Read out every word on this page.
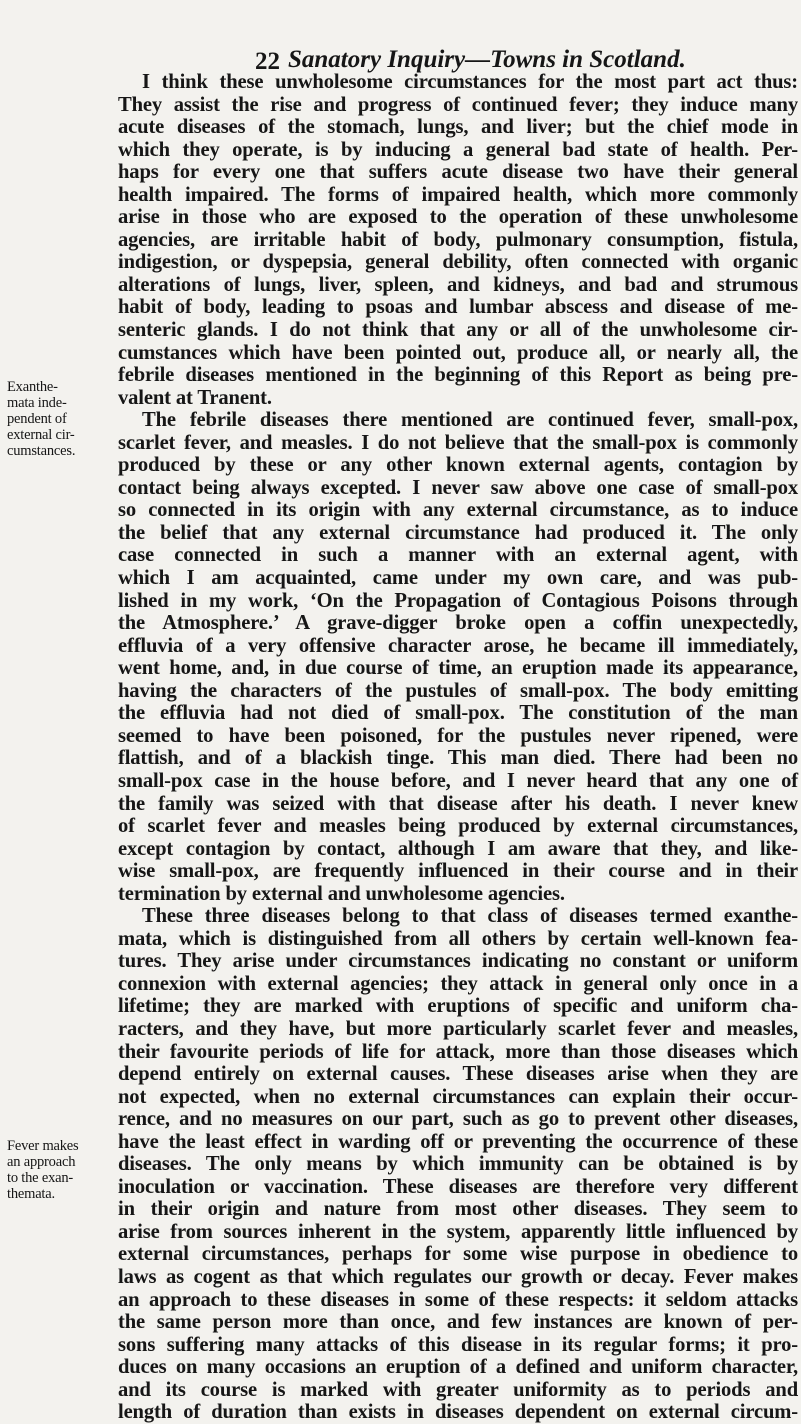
22 Sanatory Inquiry—Towns in Scotland.
Exanthe-
mata inde-
pendent of
external cir-
cumstances.
Fever makes
an approach
to the exan-
themata.
I think these unwholesome circumstances for the most part act thus:
They assist the rise and progress of continued fever; they induce many
acute diseases of the stomach, lungs, and liver; but the chief mode in
which they operate, is by inducing a general bad state of health. Per-
haps for every one that suffers acute disease two have their general
health impaired. The forms of impaired health, which more commonly
arise in those who are exposed to the operation of these unwholesome
agencies, are irritable habit of body, pulmonary consumption, fistula,
indigestion, or dyspepsia, general debility, often connected with organic
alterations of lungs, liver, spleen, and kidneys, and bad and strumous
habit of body, leading to psoas and lumbar abscess and disease of me-
senteric glands. I do not think that any or all of the unwholesome cir-
cumstances which have been pointed out, produce all, or nearly all, the
febrile diseases mentioned in the beginning of this Report as being pre-
valent at Tranent.
The febrile diseases there mentioned are continued fever, small-pox,
scarlet fever, and measles. I do not believe that the small-pox is commonly
produced by these or any other known external agents, contagion by
contact being always excepted. I never saw above one case of small-pox
so connected in its origin with any external circumstance, as to induce
the belief that any external circumstance had produced it. The only
case connected in such a manner with an external agent, with
which I am acquainted, came under my own care, and was pub-
lished in my work, ‘On the Propagation of Contagious Poisons through
the Atmosphere.’ A grave-digger broke open a coffin unexpectedly,
effluvia of a very offensive character arose, he became ill immediately,
went home, and, in due course of time, an eruption made its appearance,
having the characters of the pustules of small-pox. The body emitting
the effluvia had not died of small-pox. The constitution of the man
seemed to have been poisoned, for the pustules never ripened, were
flattish, and of a blackish tinge. This man died. There had been no
small-pox case in the house before, and I never heard that any one of
the family was seized with that disease after his death. I never knew
of scarlet fever and measles being produced by external circumstances,
except contagion by contact, although I am aware that they, and like-
wise small-pox, are frequently influenced in their course and in their
termination by external and unwholesome agencies.
These three diseases belong to that class of diseases termed exanthe-
mata, which is distinguished from all others by certain well-known fea-
tures. They arise under circumstances indicating no constant or uniform
connexion with external agencies; they attack in general only once in a
lifetime; they are marked with eruptions of specific and uniform cha-
racters, and they have, but more particularly scarlet fever and measles,
their favourite periods of life for attack, more than those diseases which
depend entirely on external causes. These diseases arise when they are
not expected, when no external circumstances can explain their occur-
rence, and no measures on our part, such as go to prevent other diseases,
have the least effect in warding off or preventing the occurrence of these
diseases. The only means by which immunity can be obtained is by
inoculation or vaccination. These diseases are therefore very different
in their origin and nature from most other diseases. They seem to
arise from sources inherent in the system, apparently little influenced by
external circumstances, perhaps for some wise purpose in obedience to
laws as cogent as that which regulates our growth or decay. Fever makes
an approach to these diseases in some of these respects: it seldom attacks
the same person more than once, and few instances are known of per-
sons suffering many attacks of this disease in its regular forms; it pro-
duces on many occasions an eruption of a defined and uniform character,
and its course is marked with greater uniformity as to periods and
length of duration than exists in diseases dependent on external circum-
